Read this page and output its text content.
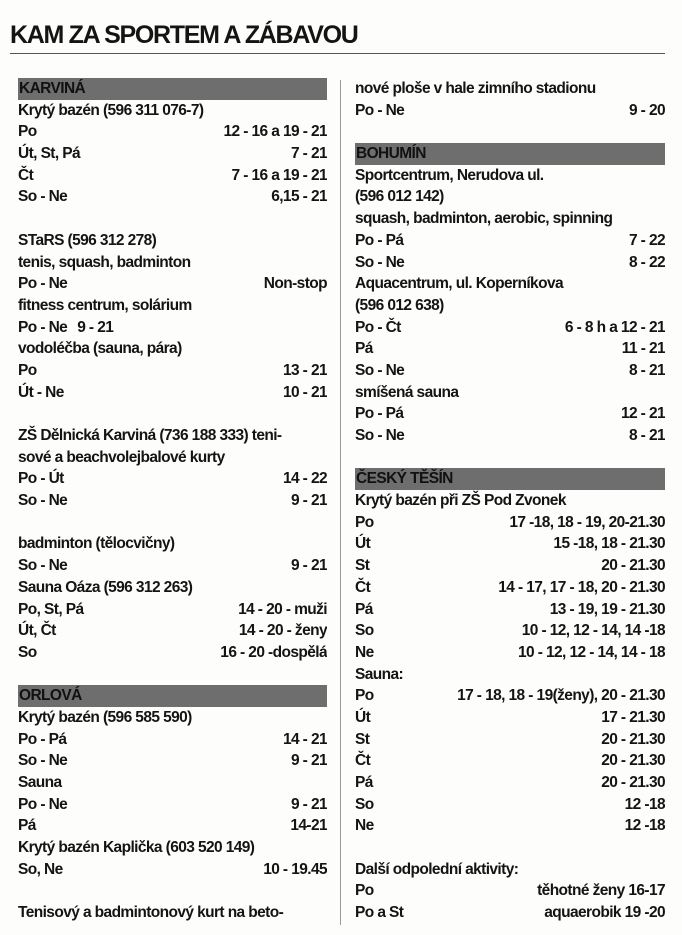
KAM ZA SPORTEM A ZÁBAVOU
KARVINÁ
Krytý bazén (596 311 076-7)
Po	12 - 16 a 19 - 21
Út, St, Pá	7 - 21
Čt	7 - 16 a 19 - 21
So - Ne	6,15 - 21
STaRS (596 312 278)
tenis, squash, badminton
Po - Ne	Non-stop
fitness centrum, solárium
Po - Ne 9 - 21
vodoléčba (sauna, pára)
Po	13 - 21
Út - Ne	10 - 21
ZŠ Dělnická Karviná (736 188 333) teni-
sové a beachvolejbalové kurty
Po - Út	14 - 22
So - Ne	9 - 21
badminton (tělocvičny)
So - Ne	9 - 21
Sauna Oáza (596 312 263)
Po, St, Pá	14 - 20 - muži
Út, Čt	14 - 20 - ženy
So	16 - 20 -dospělá
ORLOVÁ
Krytý bazén (596 585 590)
Po - Pá	14 - 21
So - Ne	9 - 21
Sauna
Po - Ne	9 - 21
Pá	14-21
Krytý bazén Kaplička (603 520 149)
So, Ne	10 - 19.45
Tenisový a badmintonový kurt na beto-
nové ploše v hale zimního stadionu
Po - Ne	9 - 20
BOHUMÍN
Sportcentrum, Nerudova ul.
(596 012 142)
squash, badminton, aerobic, spinning
Po - Pá	7 - 22
So - Ne	8 - 22
Aquacentrum, ul. Koperníkova
(596 012 638)
Po - Čt	6 - 8 h a 12 - 21
Pá	11 - 21
So - Ne	8 - 21
smíšená sauna
Po - Pá	12 - 21
So - Ne	8 - 21
ČESKÝ TĚŠÍN
Krytý bazén při ZŠ Pod Zvonek
Po	17 -18, 18 - 19, 20-21.30
Út	15 -18, 18 - 21.30
St	20 - 21.30
Čt	14 - 17, 17 - 18, 20 - 21.30
Pá	13 - 19, 19 - 21.30
So	10 - 12, 12 - 14, 14 -18
Ne	10 - 12, 12 - 14, 14 - 18
Sauna:
Po	17 - 18, 18 - 19(ženy), 20 - 21.30
Út	17 - 21.30
St	20 - 21.30
Čt	20 - 21.30
Pá	20 - 21.30
So	12 -18
Ne	12 -18
Další odpolední aktivity:
Po	těhotné ženy 16-17
Po a St	aquaerobik 19 -20
